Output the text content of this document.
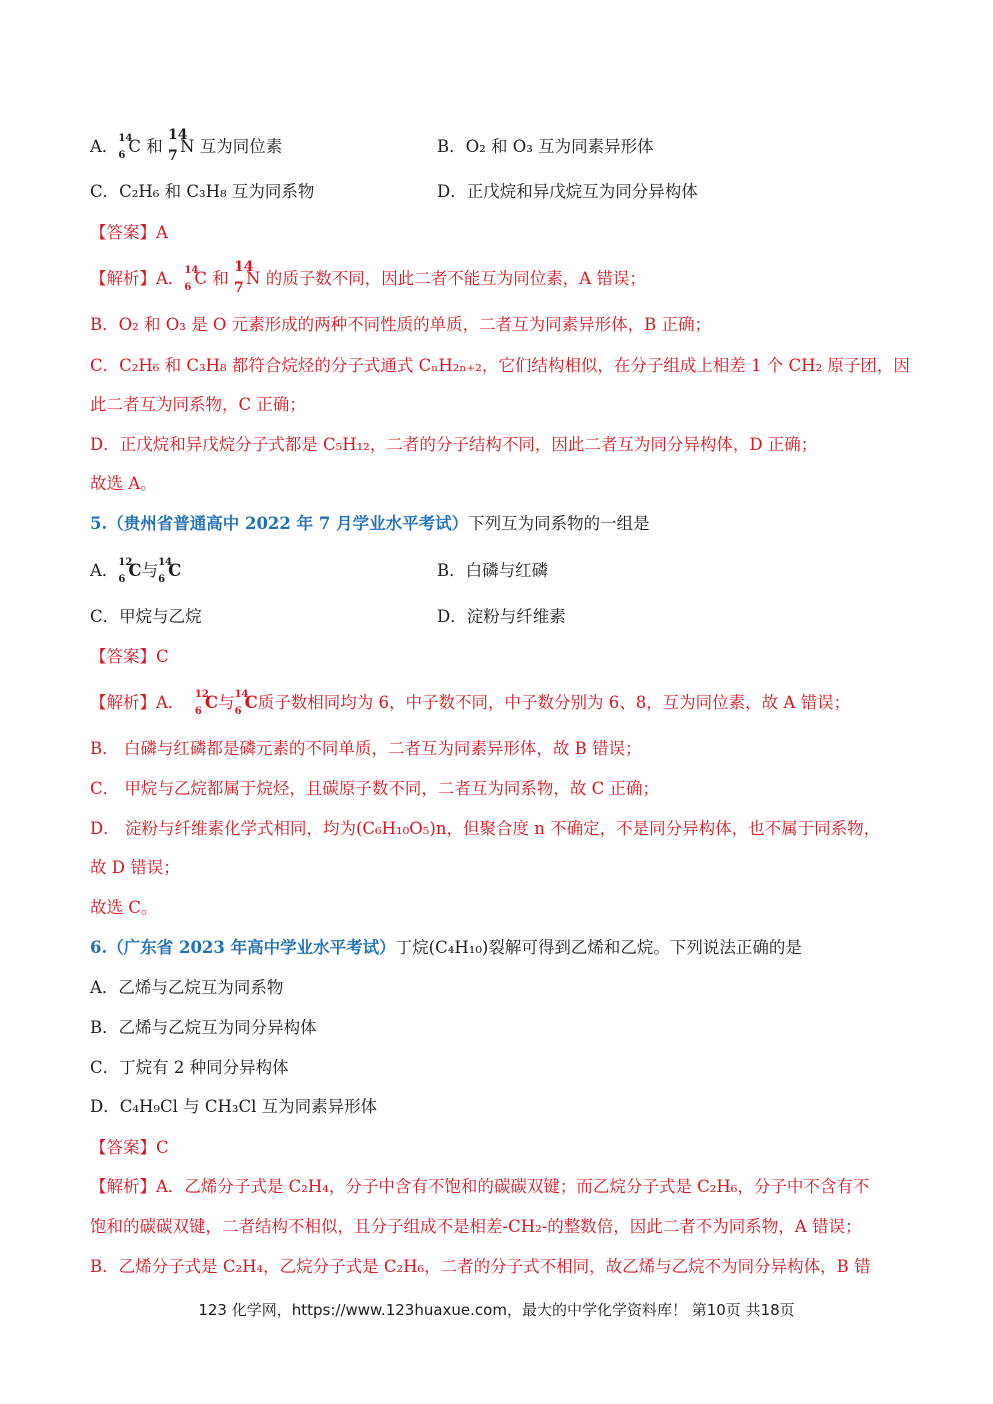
A． 14
6 C 和
14
7 N 互为同位素	B．O₂ 和 O₃ 互为同素异形体
C．C₂H₆ 和 C₃H₈ 互为同系物	D．正戊烷和异戊烷互为同分异构体
【答案】A
【解析】A． 14
6 C 和
14
7 N 的质子数不同，因此二者不能互为同位素，A 错误；
B．O₂ 和 O₃ 是 O 元素形成的两种不同性质的单质，二者互为同素异形体，B 正确；
C．C₂H₆ 和 C₃H₈ 都符合烷烃的分子式通式 CₙH₂ₙ₊₂，它们结构相似，在分子组成上相差 1 个 CH₂ 原子团，因
此二者互为同系物，C 正确；
D．正戊烷和异戊烷分子式都是 C₅H₁₂，二者的分子结构不同，因此二者互为同分异构体，D 正确；
故选 A。
5.（贵州省普通高中 2022 年 7 月学业水平考试）下列互为同系物的一组是
A． 12
6 C与 14
6 C	B．白磷与红磷
C．甲烷与乙烷	D．淀粉与纤维素
【答案】C
【解析】A． 12
6 C与 14
6 C质子数相同均为 6，中子数不同，中子数分别为 6、8，互为同位素，故 A 错误；
B． 白磷与红磷都是磷元素的不同单质，二者互为同素异形体，故 B 错误；
C． 甲烷与乙烷都属于烷烃，且碳原子数不同，二者互为同系物，故 C 正确；
D． 淀粉与纤维素化学式相同，均为(C₆H₁₀O₅)n，但聚合度 n 不确定，不是同分异构体，也不属于同系物，
故 D 错误；
故选 C。
6.（广东省 2023 年高中学业水平考试）丁烷(C₄H₁₀)裂解可得到乙烯和乙烷。下列说法正确的是
A．乙烯与乙烷互为同系物
B．乙烯与乙烷互为同分异构体
C．丁烷有 2 种同分异构体
D．C₄H₉Cl 与 CH₃Cl 互为同素异形体
【答案】C
【解析】A．乙烯分子式是 C₂H₄，分子中含有不饱和的碳碳双键；而乙烷分子式是 C₂H₆，分子中不含有不
饱和的碳碳双键，二者结构不相似，且分子组成不是相差-CH₂-的整数倍，因此二者不为同系物，A 错误；
B．乙烯分子式是 C₂H₄，乙烷分子式是 C₂H₆，二者的分子式不相同，故乙烯与乙烷不为同分异构体，B 错
123 化学网，https://www.123huaxue.com，最大的中学化学资料库！ 第10页 共18页
